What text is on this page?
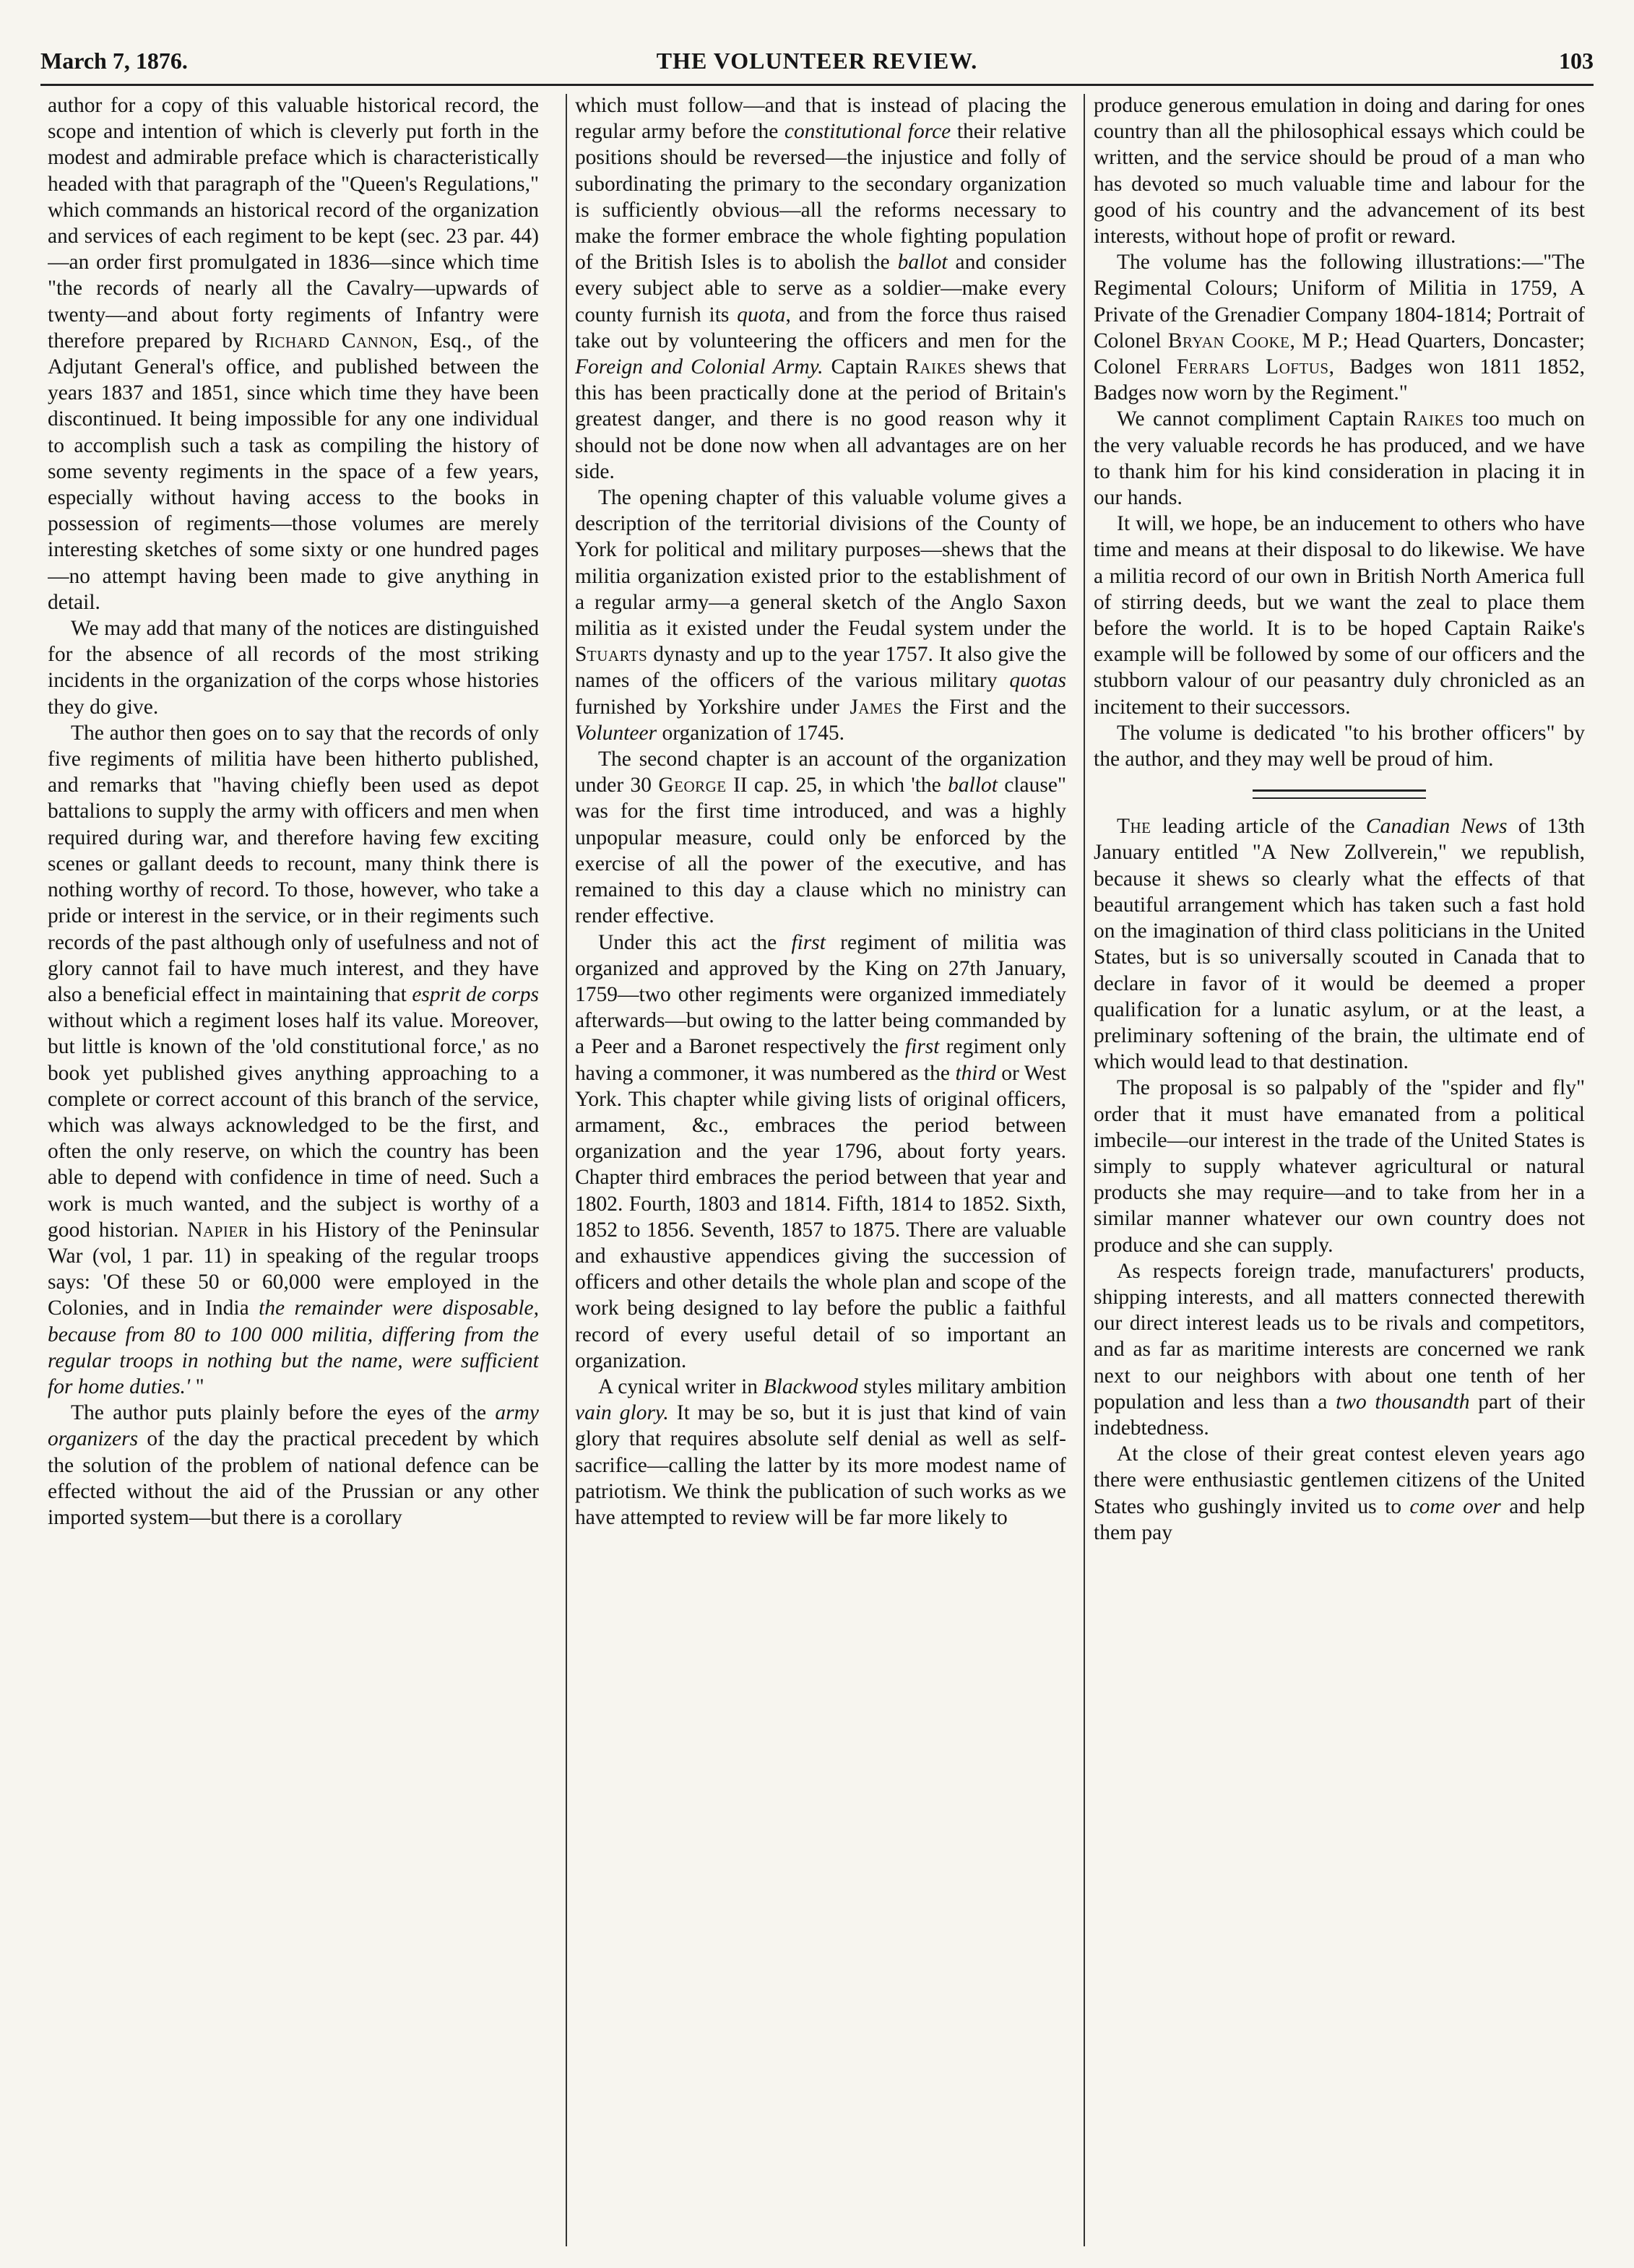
March 7, 1876.	THE VOLUNTEER REVIEW.	103

author for a copy of this valuable historical record, the scope and intention of which is cleverly put forth in the modest and admirable preface which is characteristically headed with that paragraph of the "Queen's Regulations," which commands an historical record of the organization and services of each regiment to be kept (sec. 23 par. 44)—an order first promulgated in 1836—since which time "the records of nearly all the Cavalry—upwards of twenty—and about forty regiments of Infantry were therefore prepared by Richard Cannon, Esq., of the Adjutant General's office, and published between the years 1837 and 1851, since which time they have been discontinued. It being impossible for any one individual to accomplish such a task as compiling the history of some seventy regiments in the space of a few years, especially without having access to the books in possession of regiments—those volumes are merely interesting sketches of some sixty or one hundred pages—no attempt having been made to give anything in detail.

We may add that many of the notices are distinguished for the absence of all records of the most striking incidents in the organization of the corps whose histories they do give.

The author then goes on to say that the records of only five regiments of militia have been hitherto published, and remarks that "having chiefly been used as depot battalions to supply the army with officers and men when required during war, and therefore having few exciting scenes or gallant deeds to recount, many think there is nothing worthy of record. To those, however, who take a pride or interest in the service, or in their regiments such records of the past although only of usefulness and not of glory cannot fail to have much interest, and they have also a beneficial effect in maintaining that esprit de corps without which a regiment loses half its value. Moreover, but little is known of the 'old constitutional force,' as no book yet published gives anything approaching to a complete or correct account of this branch of the service, which was always acknowledged to be the first, and often the only reserve, on which the country has been able to depend with confidence in time of need. Such a work is much wanted, and the subject is worthy of a good historian. Napier in his History of the Peninsular War (vol, 1 par. 11) in speaking of the regular troops says: 'Of these 50 or 60,000 were employed in the Colonies, and in India the remainder were disposable, because from 80 to 100 000 militia, differing from the regular troops in nothing but the name, were sufficient for home duties.' "

The author puts plainly before the eyes of the army organizers of the day the practical precedent by which the solution of the problem of national defence can be effected without the aid of the Prussian or any other imported system—but there is a corollary

which must follow—and that is instead of placing the regular army before the constitutional force their relative positions should be reversed—the injustice and folly of subordinating the primary to the secondary organization is sufficiently obvious—all the reforms necessary to make the former embrace the whole fighting population of the British Isles is to abolish the ballot and consider every subject able to serve as a soldier—make every county furnish its quota, and from the force thus raised take out by volunteering the officers and men for the Foreign and Colonial Army. Captain Raikes shews that this has been practically done at the period of Britain's greatest danger, and there is no good reason why it should not be done now when all advantages are on her side.

The opening chapter of this valuable volume gives a description of the territorial divisions of the County of York for political and military purposes—shews that the militia organization existed prior to the establishment of a regular army—a general sketch of the Anglo Saxon militia as it existed under the Feudal system under the Stuarts dynasty and up to the year 1757. It also give the names of the officers of the various military quotas furnished by Yorkshire under James the First and the Volunteer organization of 1745.

The second chapter is an account of the organization under 30 George II cap. 25, in which 'the ballot clause" was for the first time introduced, and was a highly unpopular measure, could only be enforced by the exercise of all the power of the executive, and has remained to this day a clause which no ministry can render effective.

Under this act the first regiment of militia was organized and approved by the King on 27th January, 1759—two other regiments were organized immediately afterwards—but owing to the latter being commanded by a Peer and a Baronet respectively the first regiment only having a commoner, it was numbered as the third or West York. This chapter while giving lists of original officers, armament, &c., embraces the period between organization and the year 1796, about forty years. Chapter third embraces the period between that year and 1802. Fourth, 1803 and 1814. Fifth, 1814 to 1852. Sixth, 1852 to 1856. Seventh, 1857 to 1875. There are valuable and exhaustive appendices giving the succession of officers and other details the whole plan and scope of the work being designed to lay before the public a faithful record of every useful detail of so important an organization.

A cynical writer in Blackwood styles military ambition vain glory. It may be so, but it is just that kind of vain glory that requires absolute self denial as well as self-sacrifice—calling the latter by its more modest name of patriotism. We think the publication of such works as we have attempted to review will be far more likely to

produce generous emulation in doing and daring for ones country than all the philosophical essays which could be written, and the service should be proud of a man who has devoted so much valuable time and labour for the good of his country and the advancement of its best interests, without hope of profit or reward.

The volume has the following illustrations:—"The Regimental Colours; Uniform of Militia in 1759, A Private of the Grenadier Company 1804-1814; Portrait of Colonel Bryan Cooke, M P.; Head Quarters, Doncaster; Colonel Ferrars Loftus, Badges won 1811 1852, Badges now worn by the Regiment."

We cannot compliment Captain Raikes too much on the very valuable records he has produced, and we have to thank him for his kind consideration in placing it in our hands.

It will, we hope, be an inducement to others who have time and means at their disposal to do likewise. We have a militia record of our own in British North America full of stirring deeds, but we want the zeal to place them before the world. It is to be hoped Captain Raike's example will be followed by some of our officers and the stubborn valour of our peasantry duly chronicled as an incitement to their successors.

The volume is dedicated "to his brother officers" by the author, and they may well be proud of him.

The leading article of the Canadian News of 13th January entitled "A New Zollverein," we republish, because it shews so clearly what the effects of that beautiful arrangement which has taken such a fast hold on the imagination of third class politicians in the United States, but is so universally scouted in Canada that to declare in favor of it would be deemed a proper qualification for a lunatic asylum, or at the least, a preliminary softening of the brain, the ultimate end of which would lead to that destination.

The proposal is so palpably of the "spider and fly" order that it must have emanated from a political imbecile—our interest in the trade of the United States is simply to supply whatever agricultural or natural products she may require—and to take from her in a similar manner whatever our own country does not produce and she can supply.

As respects foreign trade, manufacturers' products, shipping interests, and all matters connected therewith our direct interest leads us to be rivals and competitors, and as far as maritime interests are concerned we rank next to our neighbors with about one tenth of her population and less than a two thousandth part of their indebtedness.

At the close of their great contest eleven years ago there were enthusiastic gentlemen citizens of the United States who gushingly invited us to come over and help them pay
